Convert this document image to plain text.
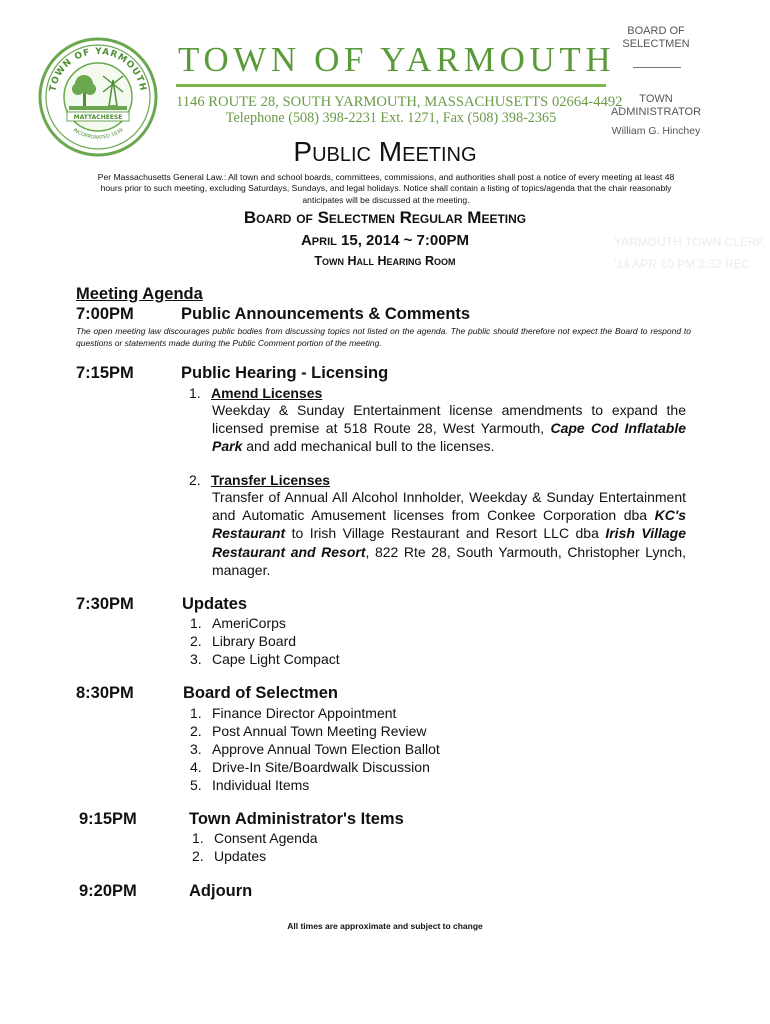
TOWN OF YARMOUTH
INCORPORATED 1639
MATTACHEESE
TOWN OF YARMOUTH
1146 ROUTE 28, SOUTH YARMOUTH, MASSACHUSETTS 02664-4492
Telephone (508) 398-2231 Ext. 1271, Fax (508) 398-2365
BOARD OF
SELECTMEN
TOWN
ADMINISTRATOR
William G. Hinchey
Public Meeting
Per Massachusetts General Law.: All town and school boards, committees, commissions, and authorities shall post a notice of every meeting at least 48 hours prior to such meeting, excluding Saturdays, Sundays, and legal holidays. Notice shall contain a listing of topics/agenda that the chair reasonably anticipates will be discussed at the meeting.
Board of Selectmen Regular Meeting
April 15, 2014 ~ 7:00PM
Town Hall Hearing Room
YARMOUTH TOWN CLERK
'14 APR 10 PM 2:32 REC
Meeting Agenda
7:00PM	Public Announcements & Comments
The open meeting law discourages public bodies from discussing topics not listed on the agenda. The public should therefore not expect the Board to respond to questions or statements made during the Public Comment portion of the meeting.
7:15PM	Public Hearing - Licensing
1. Amend Licenses
Weekday & Sunday Entertainment license amendments to expand the licensed premise at 518 Route 28, West Yarmouth, Cape Cod Inflatable Park and add mechanical bull to the licenses.
2. Transfer Licenses
Transfer of Annual All Alcohol Innholder, Weekday & Sunday Entertainment and Automatic Amusement licenses from Conkee Corporation dba KC's Restaurant to Irish Village Restaurant and Resort LLC dba Irish Village Restaurant and Resort, 822 Rte 28, South Yarmouth, Christopher Lynch, manager.
7:30PM	Updates
1. AmeriCorps
2. Library Board
3. Cape Light Compact
8:30PM	Board of Selectmen
1. Finance Director Appointment
2. Post Annual Town Meeting Review
3. Approve Annual Town Election Ballot
4. Drive-In Site/Boardwalk Discussion
5. Individual Items
9:15PM	Town Administrator's Items
1. Consent Agenda
2. Updates
9:20PM	Adjourn
All times are approximate and subject to change
